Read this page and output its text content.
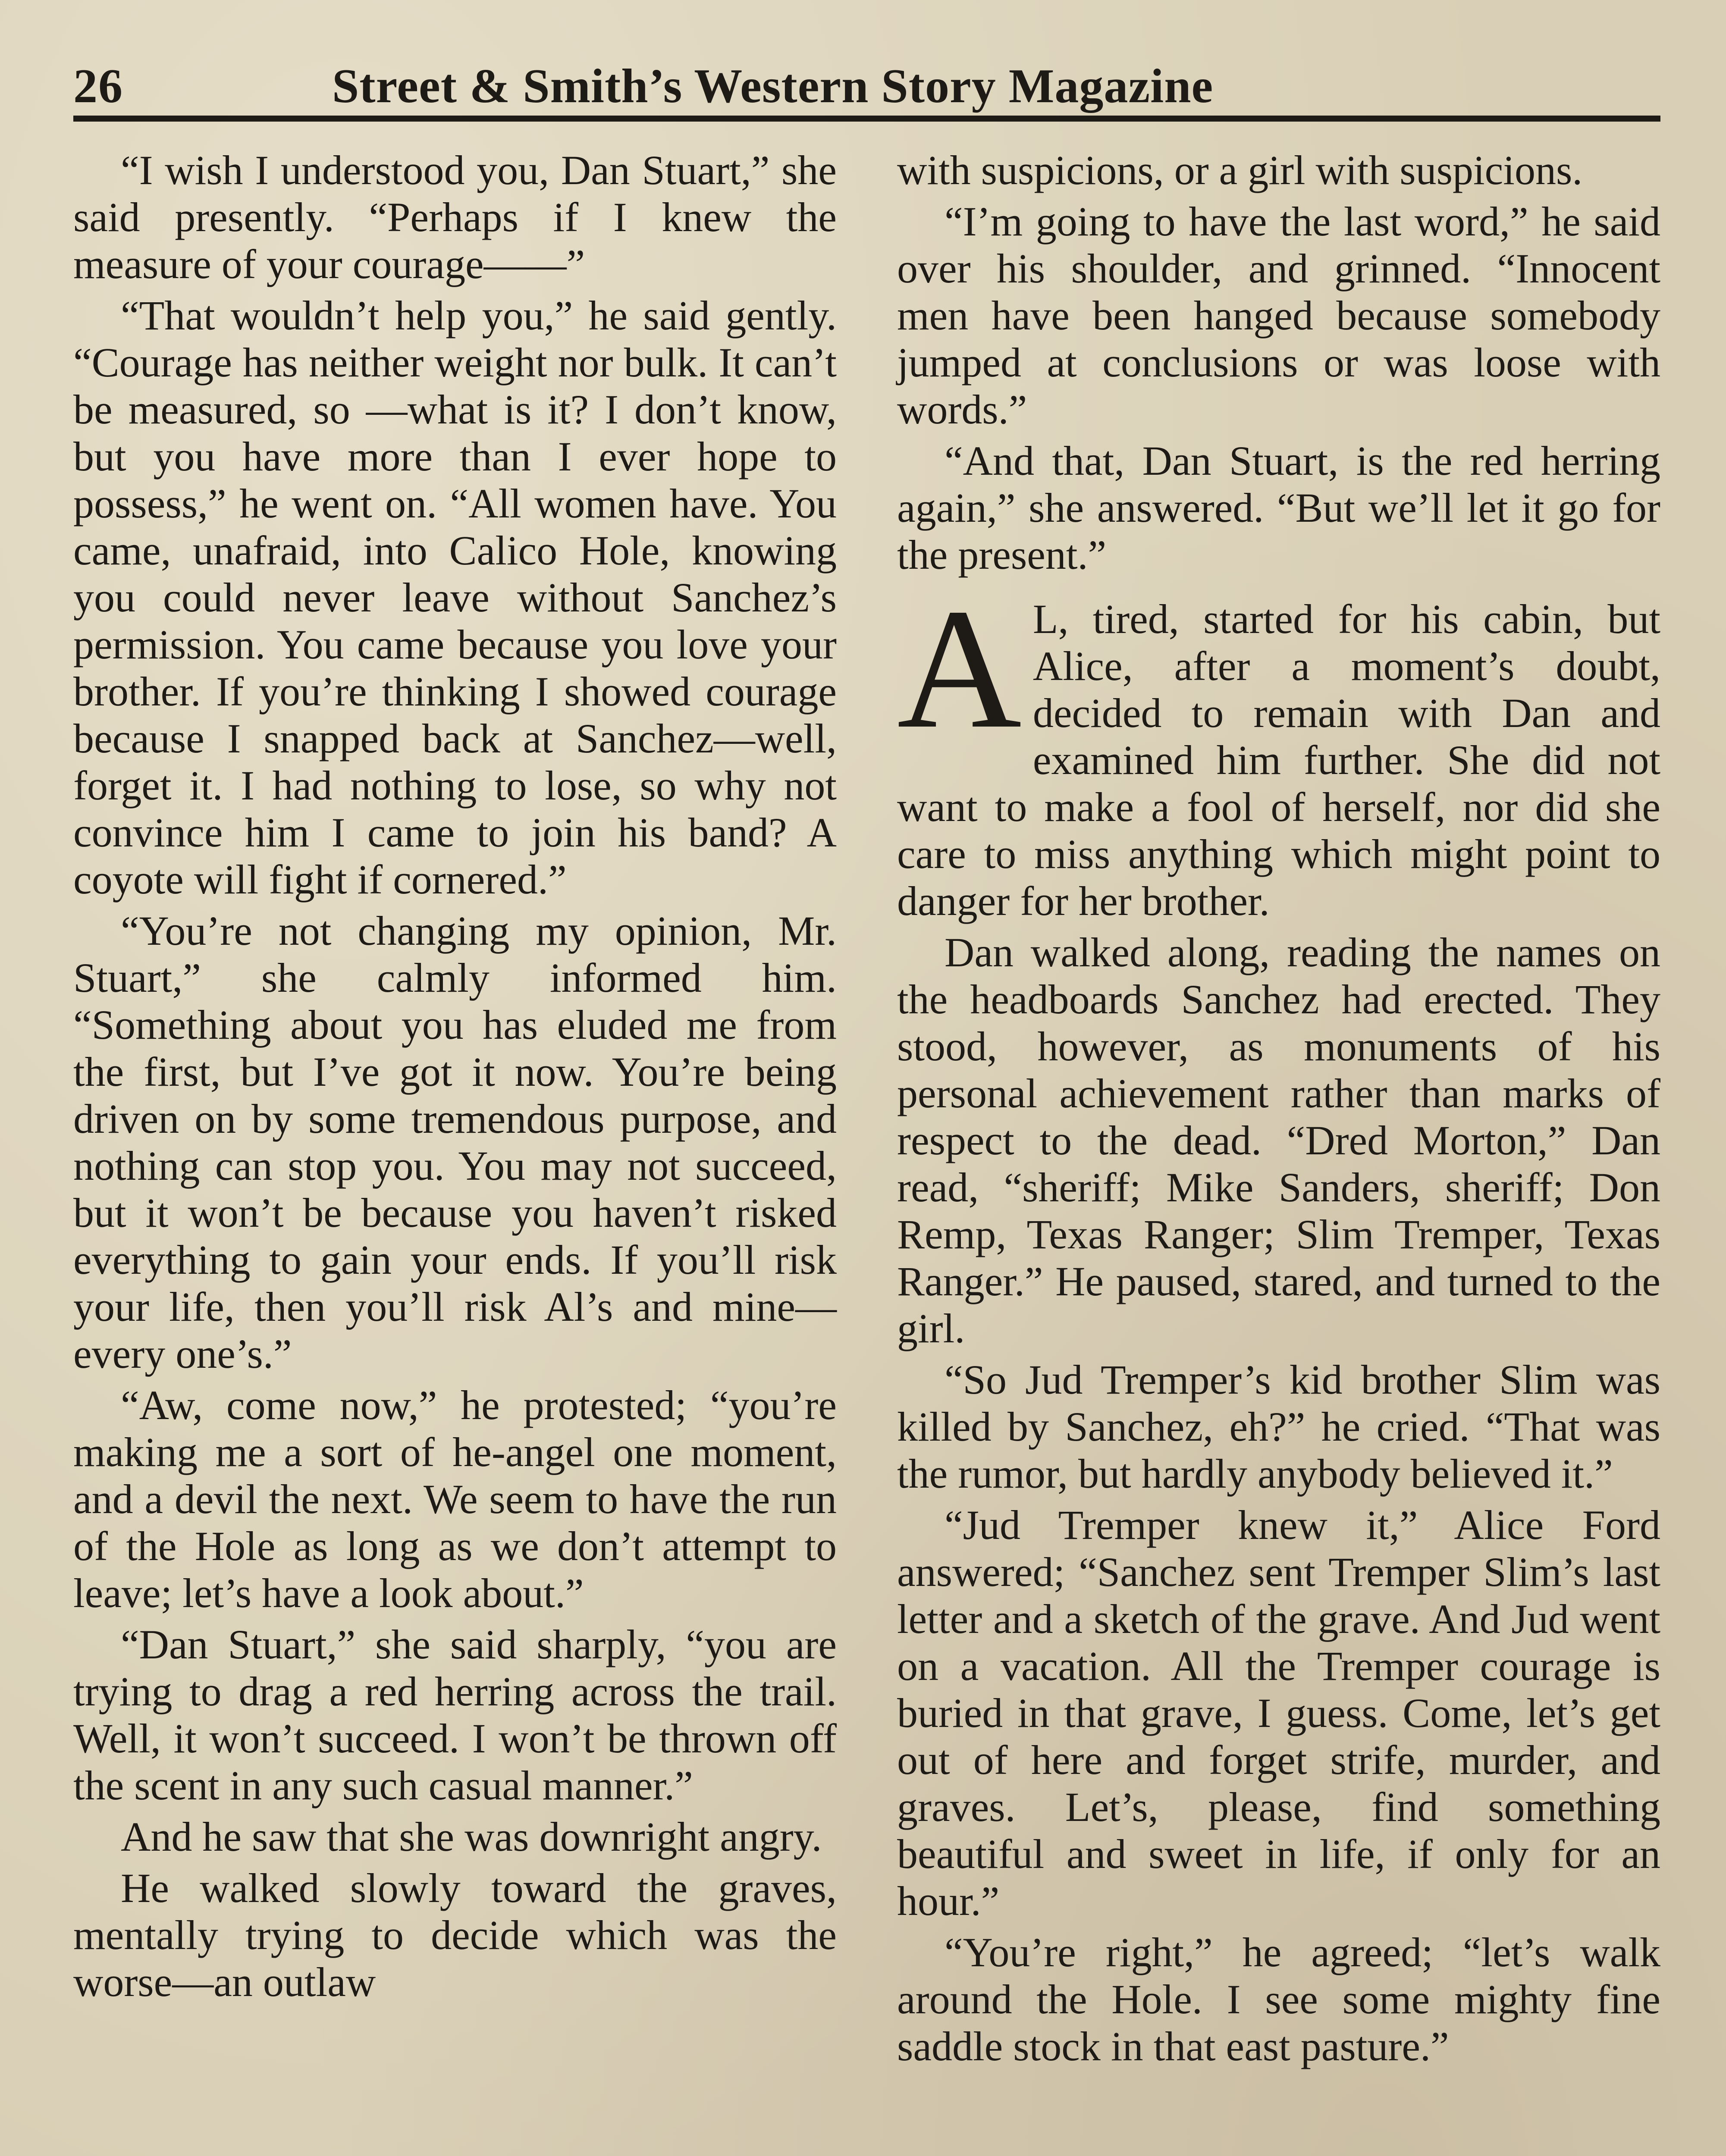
26	Street & Smith’s Western Story Magazine

“I wish I understood you, Dan Stuart,” she said presently. “Perhaps if I knew the measure of your courage——”

“That wouldn’t help you,” he said gently. “Courage has neither weight nor bulk. It can’t be measured, so —what is it? I don’t know, but you have more than I ever hope to possess,” he went on. “All women have. You came, unafraid, into Calico Hole, knowing you could never leave without Sanchez’s permission. You came because you love your brother. If you’re thinking I showed courage because I snapped back at Sanchez—well, forget it. I had nothing to lose, so why not convince him I came to join his band? A coyote will fight if cornered.”

“You’re not changing my opinion, Mr. Stuart,” she calmly informed him. “Something about you has eluded me from the first, but I’ve got it now. You’re being driven on by some tremendous purpose, and nothing can stop you. You may not succeed, but it won’t be because you haven’t risked everything to gain your ends. If you’ll risk your life, then you’ll risk Al’s and mine—every one’s.”

“Aw, come now,” he protested; “you’re making me a sort of he-angel one moment, and a devil the next. We seem to have the run of the Hole as long as we don’t attempt to leave; let’s have a look about.”

“Dan Stuart,” she said sharply, “you are trying to drag a red herring across the trail. Well, it won’t succeed. I won’t be thrown off the scent in any such casual manner.”

And he saw that she was downright angry.

He walked slowly toward the graves, mentally trying to decide which was the worse—an outlaw

with suspicions, or a girl with suspicions.

“I’m going to have the last word,” he said over his shoulder, and grinned. “Innocent men have been hanged because somebody jumped at conclusions or was loose with words.”

“And that, Dan Stuart, is the red herring again,” she answered. “But we’ll let it go for the present.”

A L, tired, started for his cabin, but Alice, after a moment’s doubt, decided to remain with Dan and examined him further. She did not want to make a fool of herself, nor did she care to miss anything which might point to danger for her brother.

Dan walked along, reading the names on the headboards Sanchez had erected. They stood, however, as monuments of his personal achievement rather than marks of respect to the dead. “Dred Morton,” Dan read, “sheriff; Mike Sanders, sheriff; Don Remp, Texas Ranger; Slim Tremper, Texas Ranger.” He paused, stared, and turned to the girl.

“So Jud Tremper’s kid brother Slim was killed by Sanchez, eh?” he cried. “That was the rumor, but hardly anybody believed it.”

“Jud Tremper knew it,” Alice Ford answered; “Sanchez sent Tremper Slim’s last letter and a sketch of the grave. And Jud went on a vacation. All the Tremper courage is buried in that grave, I guess. Come, let’s get out of here and forget strife, murder, and graves. Let’s, please, find something beautiful and sweet in life, if only for an hour.”

“You’re right,” he agreed; “let’s walk around the Hole. I see some mighty fine saddle stock in that east pasture.”
